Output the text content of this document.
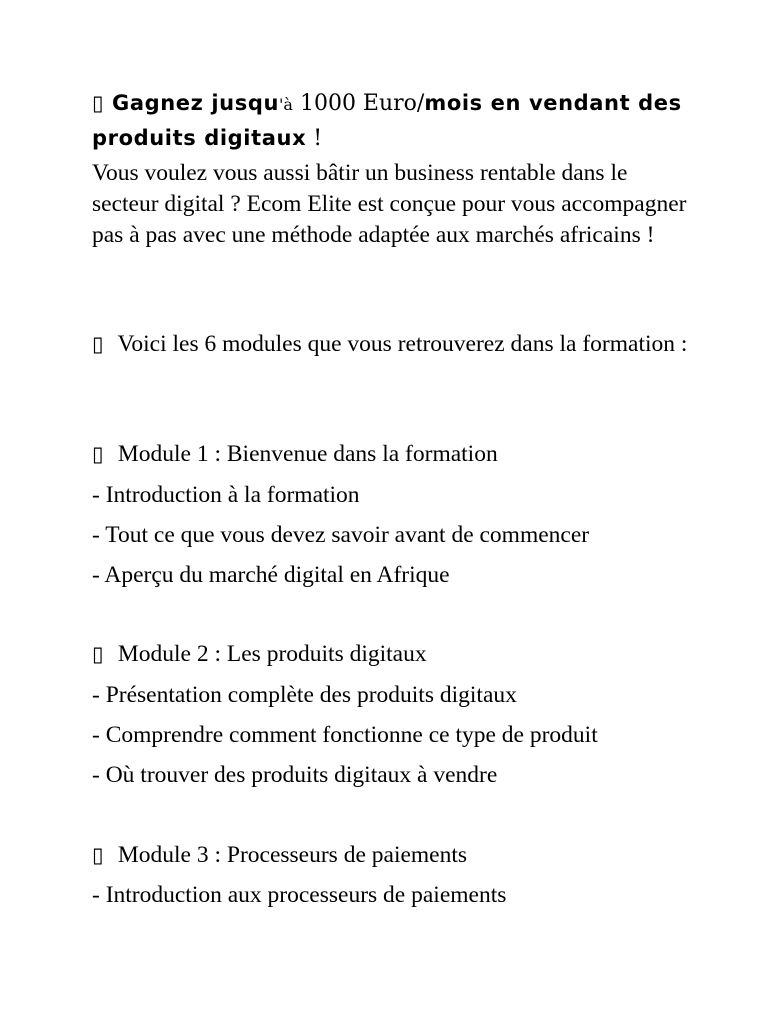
▯ Gagnez jusqu'à 1000 Euro/mois en vendant des produits digitaux !

Vous voulez vous aussi bâtir un business rentable dans le secteur digital ? Ecom Elite est conçue pour vous accompagner pas à pas avec une méthode adaptée aux marchés africains !

▯ Voici les 6 modules que vous retrouverez dans la formation :

▯ Module 1 : Bienvenue dans la formation

- Introduction à la formation

- Tout ce que vous devez savoir avant de commencer

- Aperçu du marché digital en Afrique

▯ Module 2 : Les produits digitaux

- Présentation complète des produits digitaux

- Comprendre comment fonctionne ce type de produit

- Où trouver des produits digitaux à vendre

▯ Module 3 : Processeurs de paiements

- Introduction aux processeurs de paiements
